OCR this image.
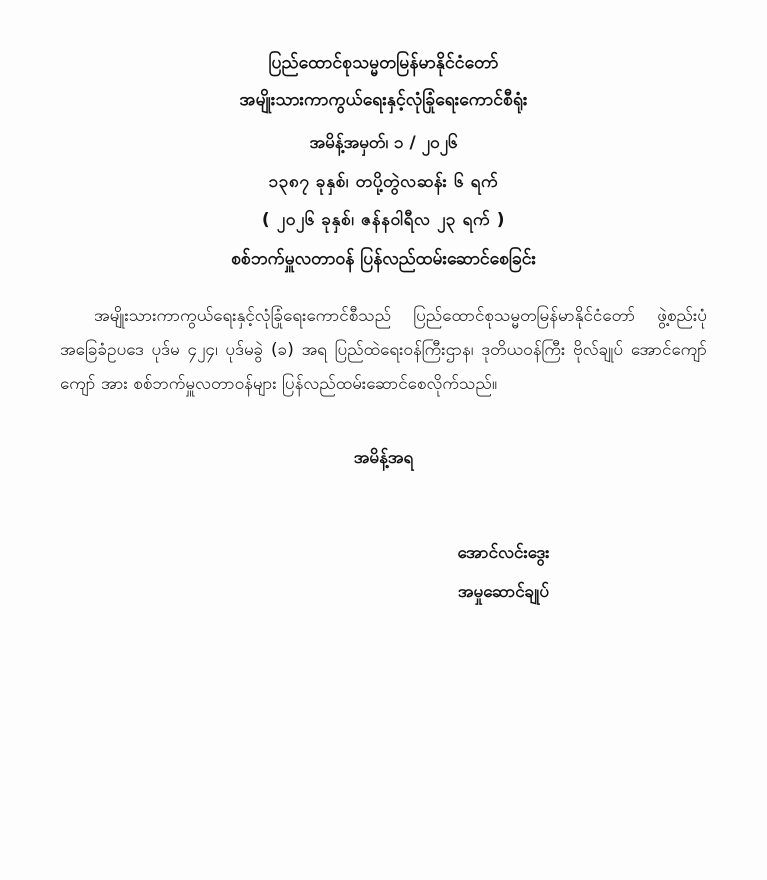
ပြည်ထောင်စုသမ္မတမြန်မာနိုင်ငံတော်

အမျိုးသားကာကွယ်ရေးနှင့်လုံခြုံရေးကောင်စီရုံး

အမိန့်အမှတ်၊ ၁ / ၂၀၂၆

၁၃၈၇ ခုနှစ်၊ တပို့တွဲလဆန်း ၆ ရက်

( ၂၀၂၆ ခုနှစ်၊ ဇန်နဝါရီလ ၂၃ ရက် )

စစ်ဘက်မှူလတာဝန် ပြန်လည်ထမ်းဆောင်စေခြင်း

အမျိုးသားကာကွယ်ရေးနှင့်လုံခြုံရေးကောင်စီသည် ပြည်ထောင်စုသမ္မတမြန်မာနိုင်ငံတော် ဖွဲ့စည်းပုံအခြေခံဥပဒေ ပုဒ်မ ၄၂၄၊ ပုဒ်မခွဲ (ခ) အရ ပြည်ထဲရေးဝန်ကြီးဌာန၊ ဒုတိယဝန်ကြီး ဗိုလ်ချုပ် အောင်ကျော်ကျော် အား စစ်ဘက်မှူလတာဝန်များ ပြန်လည်ထမ်းဆောင်စေလိုက်သည်။

အမိန့်အရ

အောင်လင်းဒွေး

အမှုဆောင်ချုပ်
